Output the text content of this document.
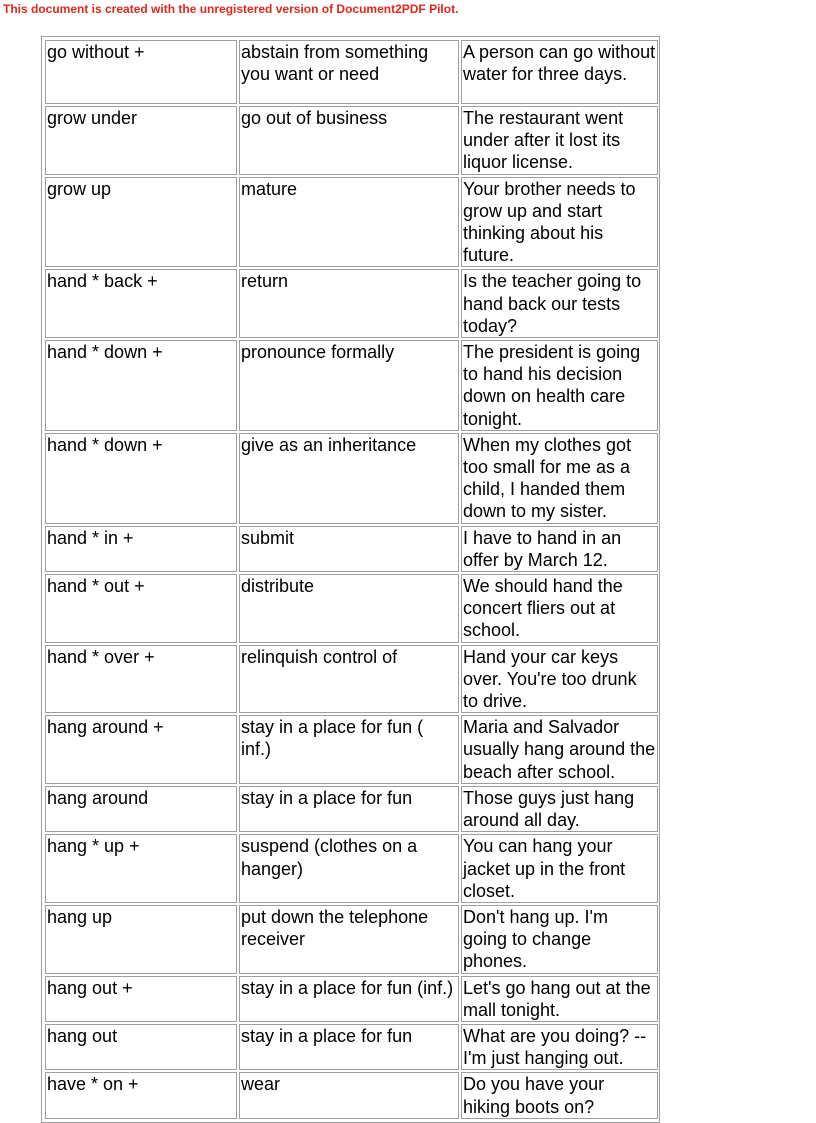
This document is created with the unregistered version of Document2PDF Pilot.
go without +	abstain from something you want or need	A person can go without water for three days.
grow under	go out of business	The restaurant went under after it lost its liquor license.
grow up	mature	Your brother needs to grow up and start thinking about his future.
hand * back +	return	Is the teacher going to hand back our tests today?
hand * down +	pronounce formally	The president is going to hand his decision down on health care tonight.
hand * down +	give as an inheritance	When my clothes got too small for me as a child, I handed them down to my sister.
hand * in +	submit	I have to hand in an offer by March 12.
hand * out +	distribute	We should hand the concert fliers out at school.
hand * over +	relinquish control of	Hand your car keys over. You're too drunk to drive.
hang around +	stay in a place for fun ( inf.)	Maria and Salvador usually hang around the beach after school.
hang around	stay in a place for fun	Those guys just hang around all day.
hang * up +	suspend (clothes on a hanger)	You can hang your jacket up in the front closet.
hang up	put down the telephone receiver	Don't hang up. I'm going to change phones.
hang out +	stay in a place for fun (inf.)	Let's go hang out at the mall tonight.
hang out	stay in a place for fun	What are you doing? -- I'm just hanging out.
have * on +	wear	Do you have your hiking boots on?
